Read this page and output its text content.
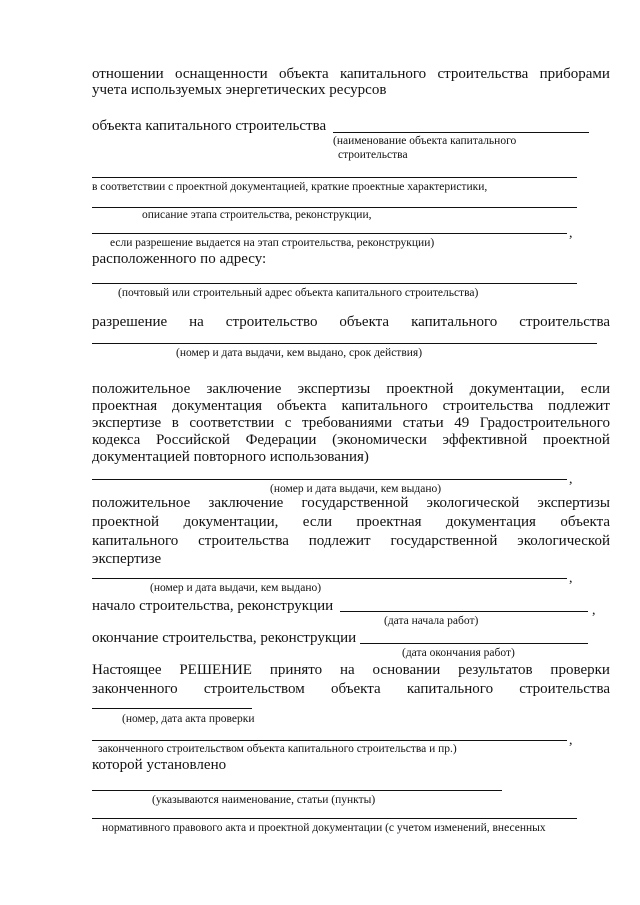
отношении оснащенности объекта капитального строительства приборами
учета используемых энергетических ресурсов
объекта капитального строительства
(наименование объекта капитального
строительства
в соответствии с проектной документацией, краткие проектные характеристики,
описание этапа строительства, реконструкции,
,
если разрешение выдается на этап строительства, реконструкции)
расположенного по адресу:
(почтовый или строительный адрес объекта капитального строительства)
разрешение на строительство объекта капитального строительства
(номер и дата выдачи, кем выдано, срок действия)
положительное заключение экспертизы проектной документации, если
проектная документация объекта капитального строительства подлежит
экспертизе в соответствии с требованиями статьи 49 Градостроительного
кодекса Российской Федерации (экономически эффективной проектной
документацией повторного использования)
,
(номер и дата выдачи, кем выдано)
положительное заключение государственной экологической экспертизы
проектной документации, если проектная документация объекта
капитального строительства подлежит государственной экологической
экспертизе
,
(номер и дата выдачи, кем выдано)
начало строительства, реконструкции	,
(дата начала работ)
окончание строительства, реконструкции
(дата окончания работ)
Настоящее РЕШЕНИЕ принято на основании результатов проверки
законченного строительством объекта капитального строительства
(номер, дата акта проверки
,
законченного строительством объекта капитального строительства и пр.)
которой установлено
(указываются наименование, статьи (пункты)
нормативного правового акта и проектной документации (с учетом изменений, внесенных
